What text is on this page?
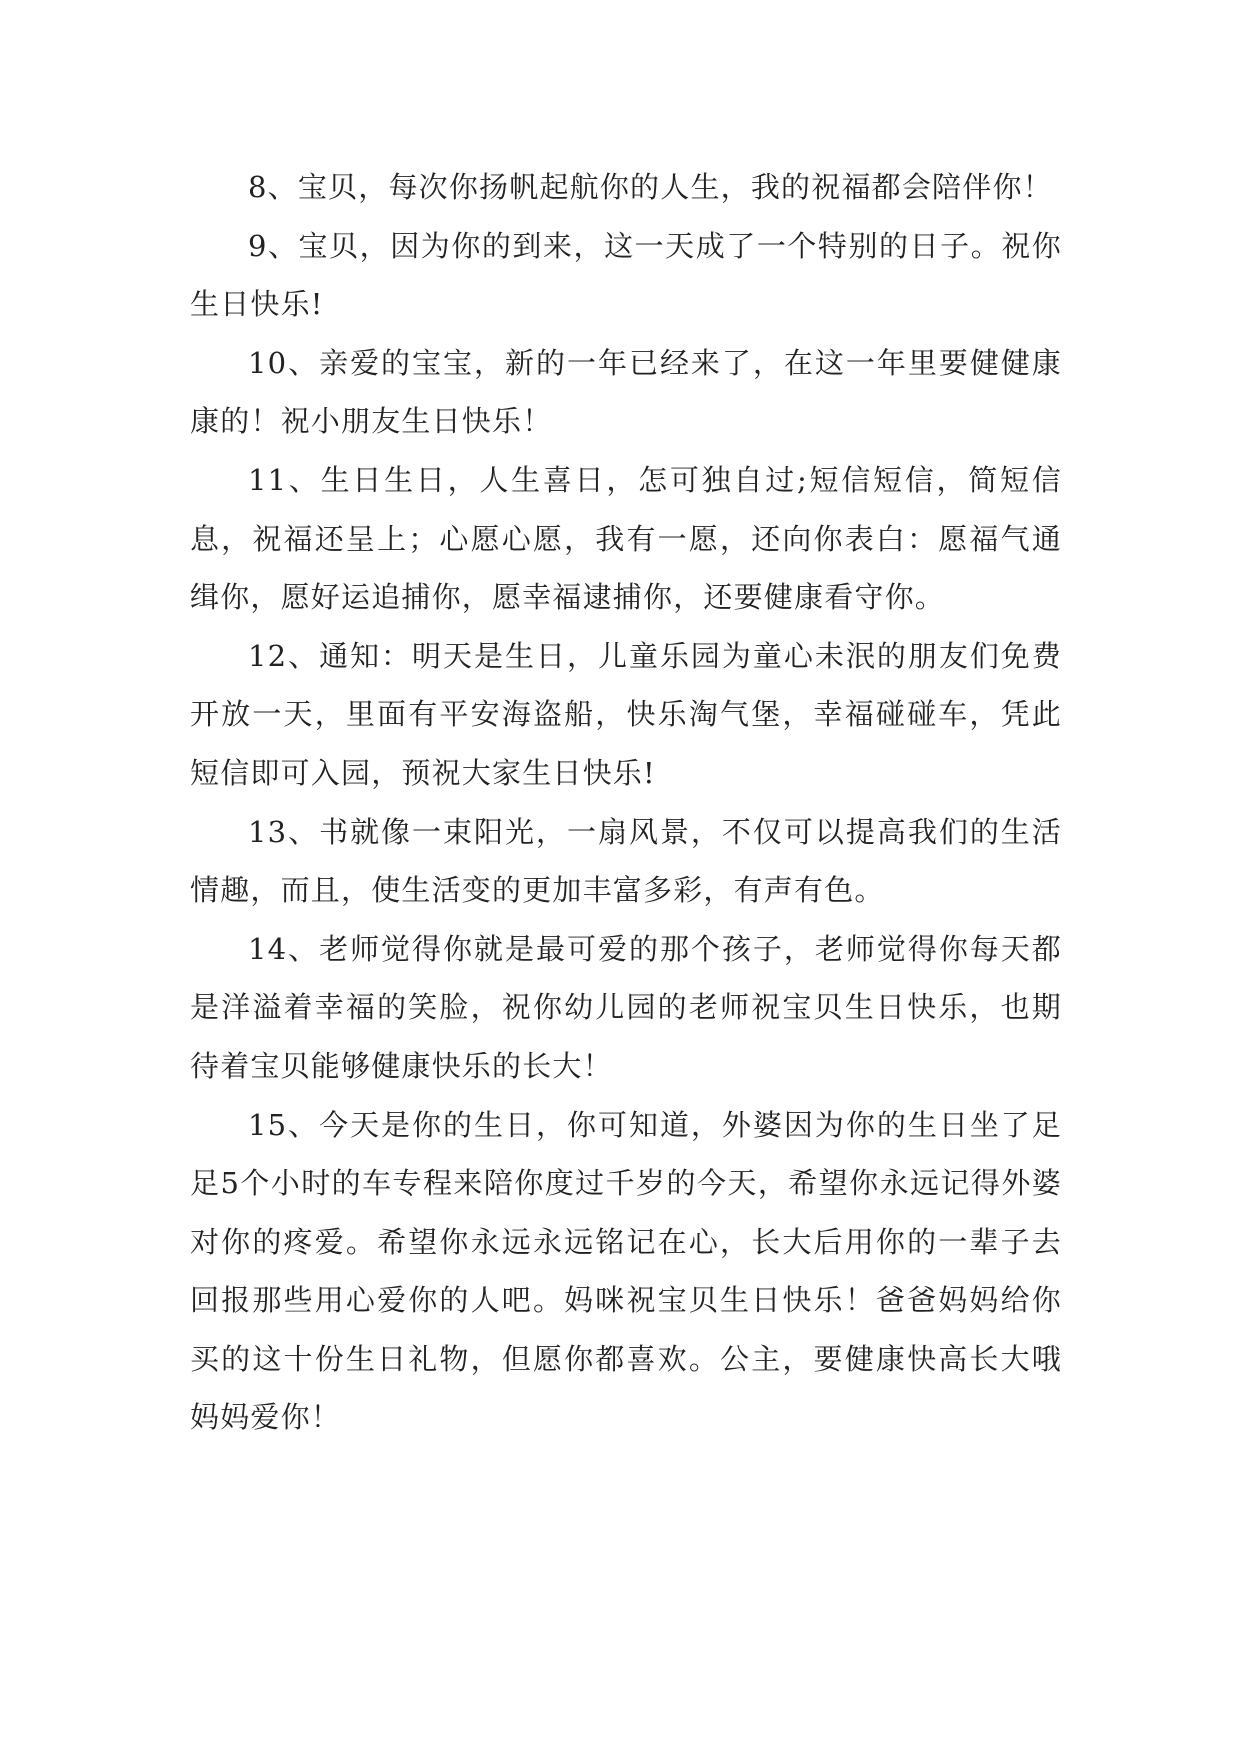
8、宝贝，每次你扬帆起航你的人生，我的祝福都会陪伴你！

9、宝贝，因为你的到来，这一天成了一个特别的日子。祝你生日快乐!

10、亲爱的宝宝，新的一年已经来了，在这一年里要健健康康的！祝小朋友生日快乐！

11、生日生日，人生喜日，怎可独自过;短信短信，简短信息，祝福还呈上；心愿心愿，我有一愿，还向你表白：愿福气通缉你，愿好运追捕你，愿幸福逮捕你，还要健康看守你。

12、通知：明天是生日，儿童乐园为童心未泯的朋友们免费开放一天，里面有平安海盗船，快乐淘气堡，幸福碰碰车，凭此短信即可入园，预祝大家生日快乐!

13、书就像一束阳光，一扇风景，不仅可以提高我们的生活情趣，而且，使生活变的更加丰富多彩，有声有色。

14、老师觉得你就是最可爱的那个孩子，老师觉得你每天都是洋溢着幸福的笑脸，祝你幼儿园的老师祝宝贝生日快乐，也期待着宝贝能够健康快乐的长大！

15、今天是你的生日，你可知道，外婆因为你的生日坐了足足5个小时的车专程来陪你度过千岁的今天，希望你永远记得外婆对你的疼爱。希望你永远永远铭记在心，长大后用你的一辈子去回报那些用心爱你的人吧。妈咪祝宝贝生日快乐！爸爸妈妈给你买的这十份生日礼物，但愿你都喜欢。公主，要健康快高长大哦妈妈爱你！
